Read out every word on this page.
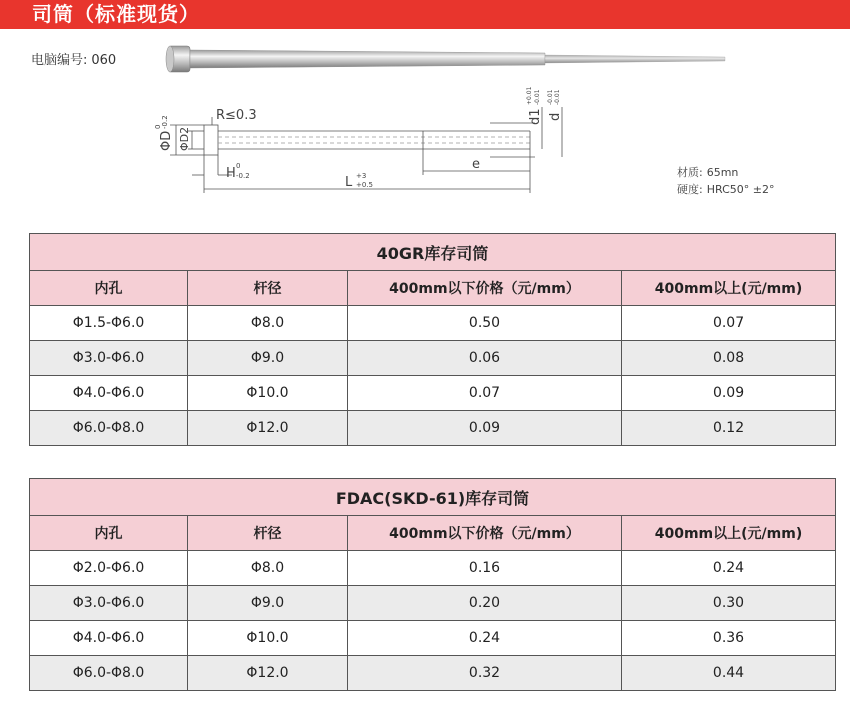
司筒（标准现货）
电脑编号: 060
R≤0.3
ΦD
0 -0.2
ΦD2
H 0
-0.2	L +3
+0.5
e
d1
+0.01 -0.01
d
-0.01 -0.01
材质: 65mn
硬度: HRC50° ±2°
40GR库存司筒			
内孔	杆径	400mm以下价格（元/mm）	400mm以上(元/mm)
Φ1.5-Φ6.0	Φ8.0	0.50	0.07
Φ3.0-Φ6.0	Φ9.0	0.06	0.08
Φ4.0-Φ6.0	Φ10.0	0.07	0.09
Φ6.0-Φ8.0	Φ12.0	0.09	0.12
FDAC(SKD-61)库存司筒			
内孔	杆径	400mm以下价格（元/mm）	400mm以上(元/mm)
Φ2.0-Φ6.0	Φ8.0	0.16	0.24
Φ3.0-Φ6.0	Φ9.0	0.20	0.30
Φ4.0-Φ6.0	Φ10.0	0.24	0.36
Φ6.0-Φ8.0	Φ12.0	0.32	0.44
